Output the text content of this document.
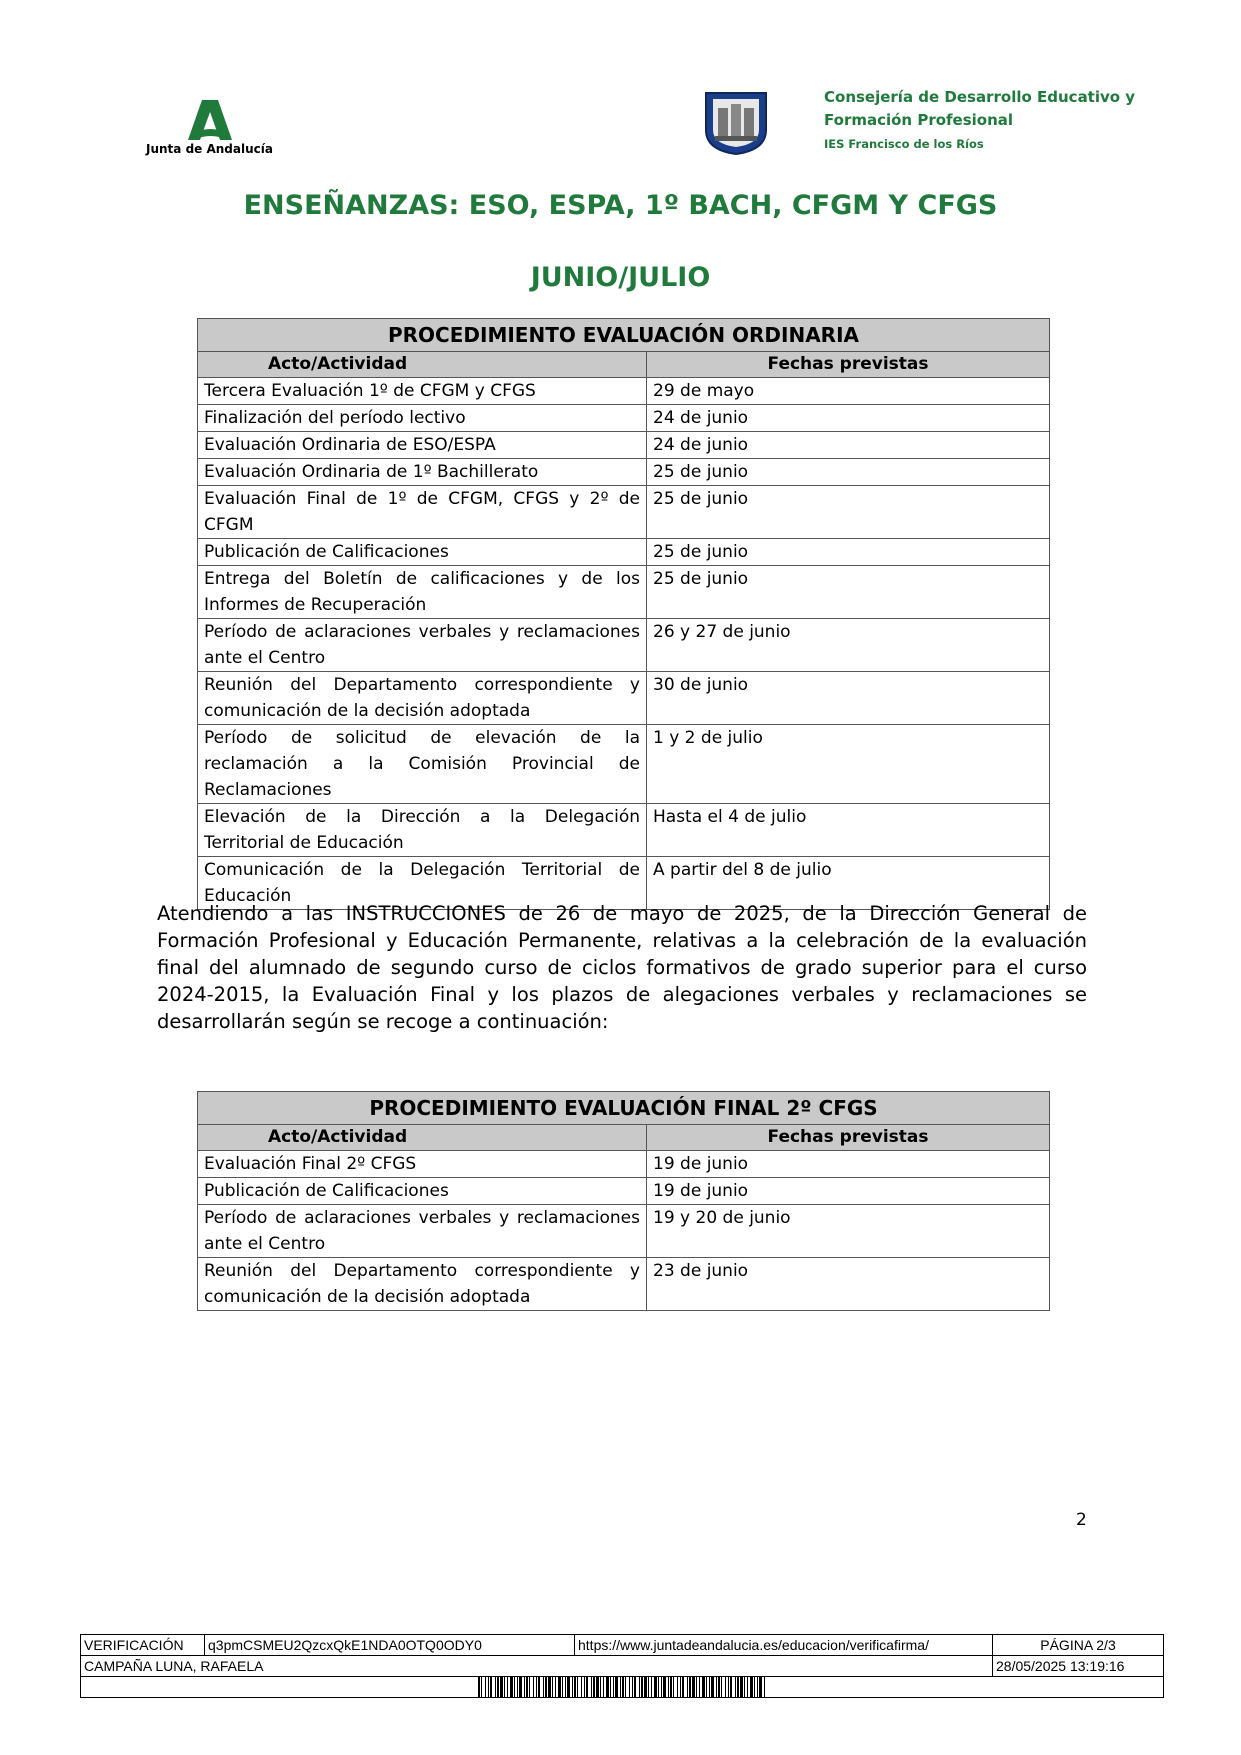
Junta de Andalucía
Consejería de Desarrollo Educativo y
Formación Profesional
IES Francisco de los Ríos
ENSEÑANZAS: ESO, ESPA, 1º BACH, CFGM Y CFGS
JUNIO/JULIO
PROCEDIMIENTO EVALUACIÓN ORDINARIA	
Acto/Actividad	Fechas previstas
Tercera Evaluación 1º de CFGM y CFGS	29 de mayo
Finalización del período lectivo	24 de junio
Evaluación Ordinaria de ESO/ESPA	24 de junio
Evaluación Ordinaria de 1º Bachillerato	25 de junio
Evaluación Final de 1º de CFGM, CFGS y 2º de CFGM	25 de junio
Publicación de Calificaciones	25 de junio
Entrega del Boletín de calificaciones y de los Informes de Recuperación	25 de junio
Período de aclaraciones verbales y reclamaciones ante el Centro	26 y 27 de junio
Reunión del Departamento correspondiente y comunicación de la decisión adoptada	30 de junio
Período de solicitud de elevación de la reclamación a la Comisión Provincial de Reclamaciones	1 y 2 de julio
Elevación de la Dirección a la Delegación Territorial de Educación	Hasta el 4 de julio
Comunicación de la Delegación Territorial de Educación	A partir del 8 de julio
Atendiendo a las INSTRUCCIONES de 26 de mayo de 2025, de la Dirección General de Formación Profesional y Educación Permanente, relativas a la celebración de la evaluación final del alumnado de segundo curso de ciclos formativos de grado superior para el curso 2024-2015, la Evaluación Final y los plazos de alegaciones verbales y reclamaciones se desarrollarán según se recoge a continuación:
PROCEDIMIENTO EVALUACIÓN FINAL 2º CFGS	
Acto/Actividad	Fechas previstas
Evaluación Final 2º CFGS	19 de junio
Publicación de Calificaciones	19 de junio
Período de aclaraciones verbales y reclamaciones ante el Centro	19 y 20 de junio
Reunión del Departamento correspondiente y comunicación de la decisión adoptada	23 de junio
2
VERIFICACIÓN	q3pmCSMEU2QzcxQkE1NDA0OTQ0ODY0	https://www.juntadeandalucia.es/educacion/verificafirma/	PÁGINA 2/3
CAMPAÑA LUNA, RAFAELA			28/05/2025 13:19:16
